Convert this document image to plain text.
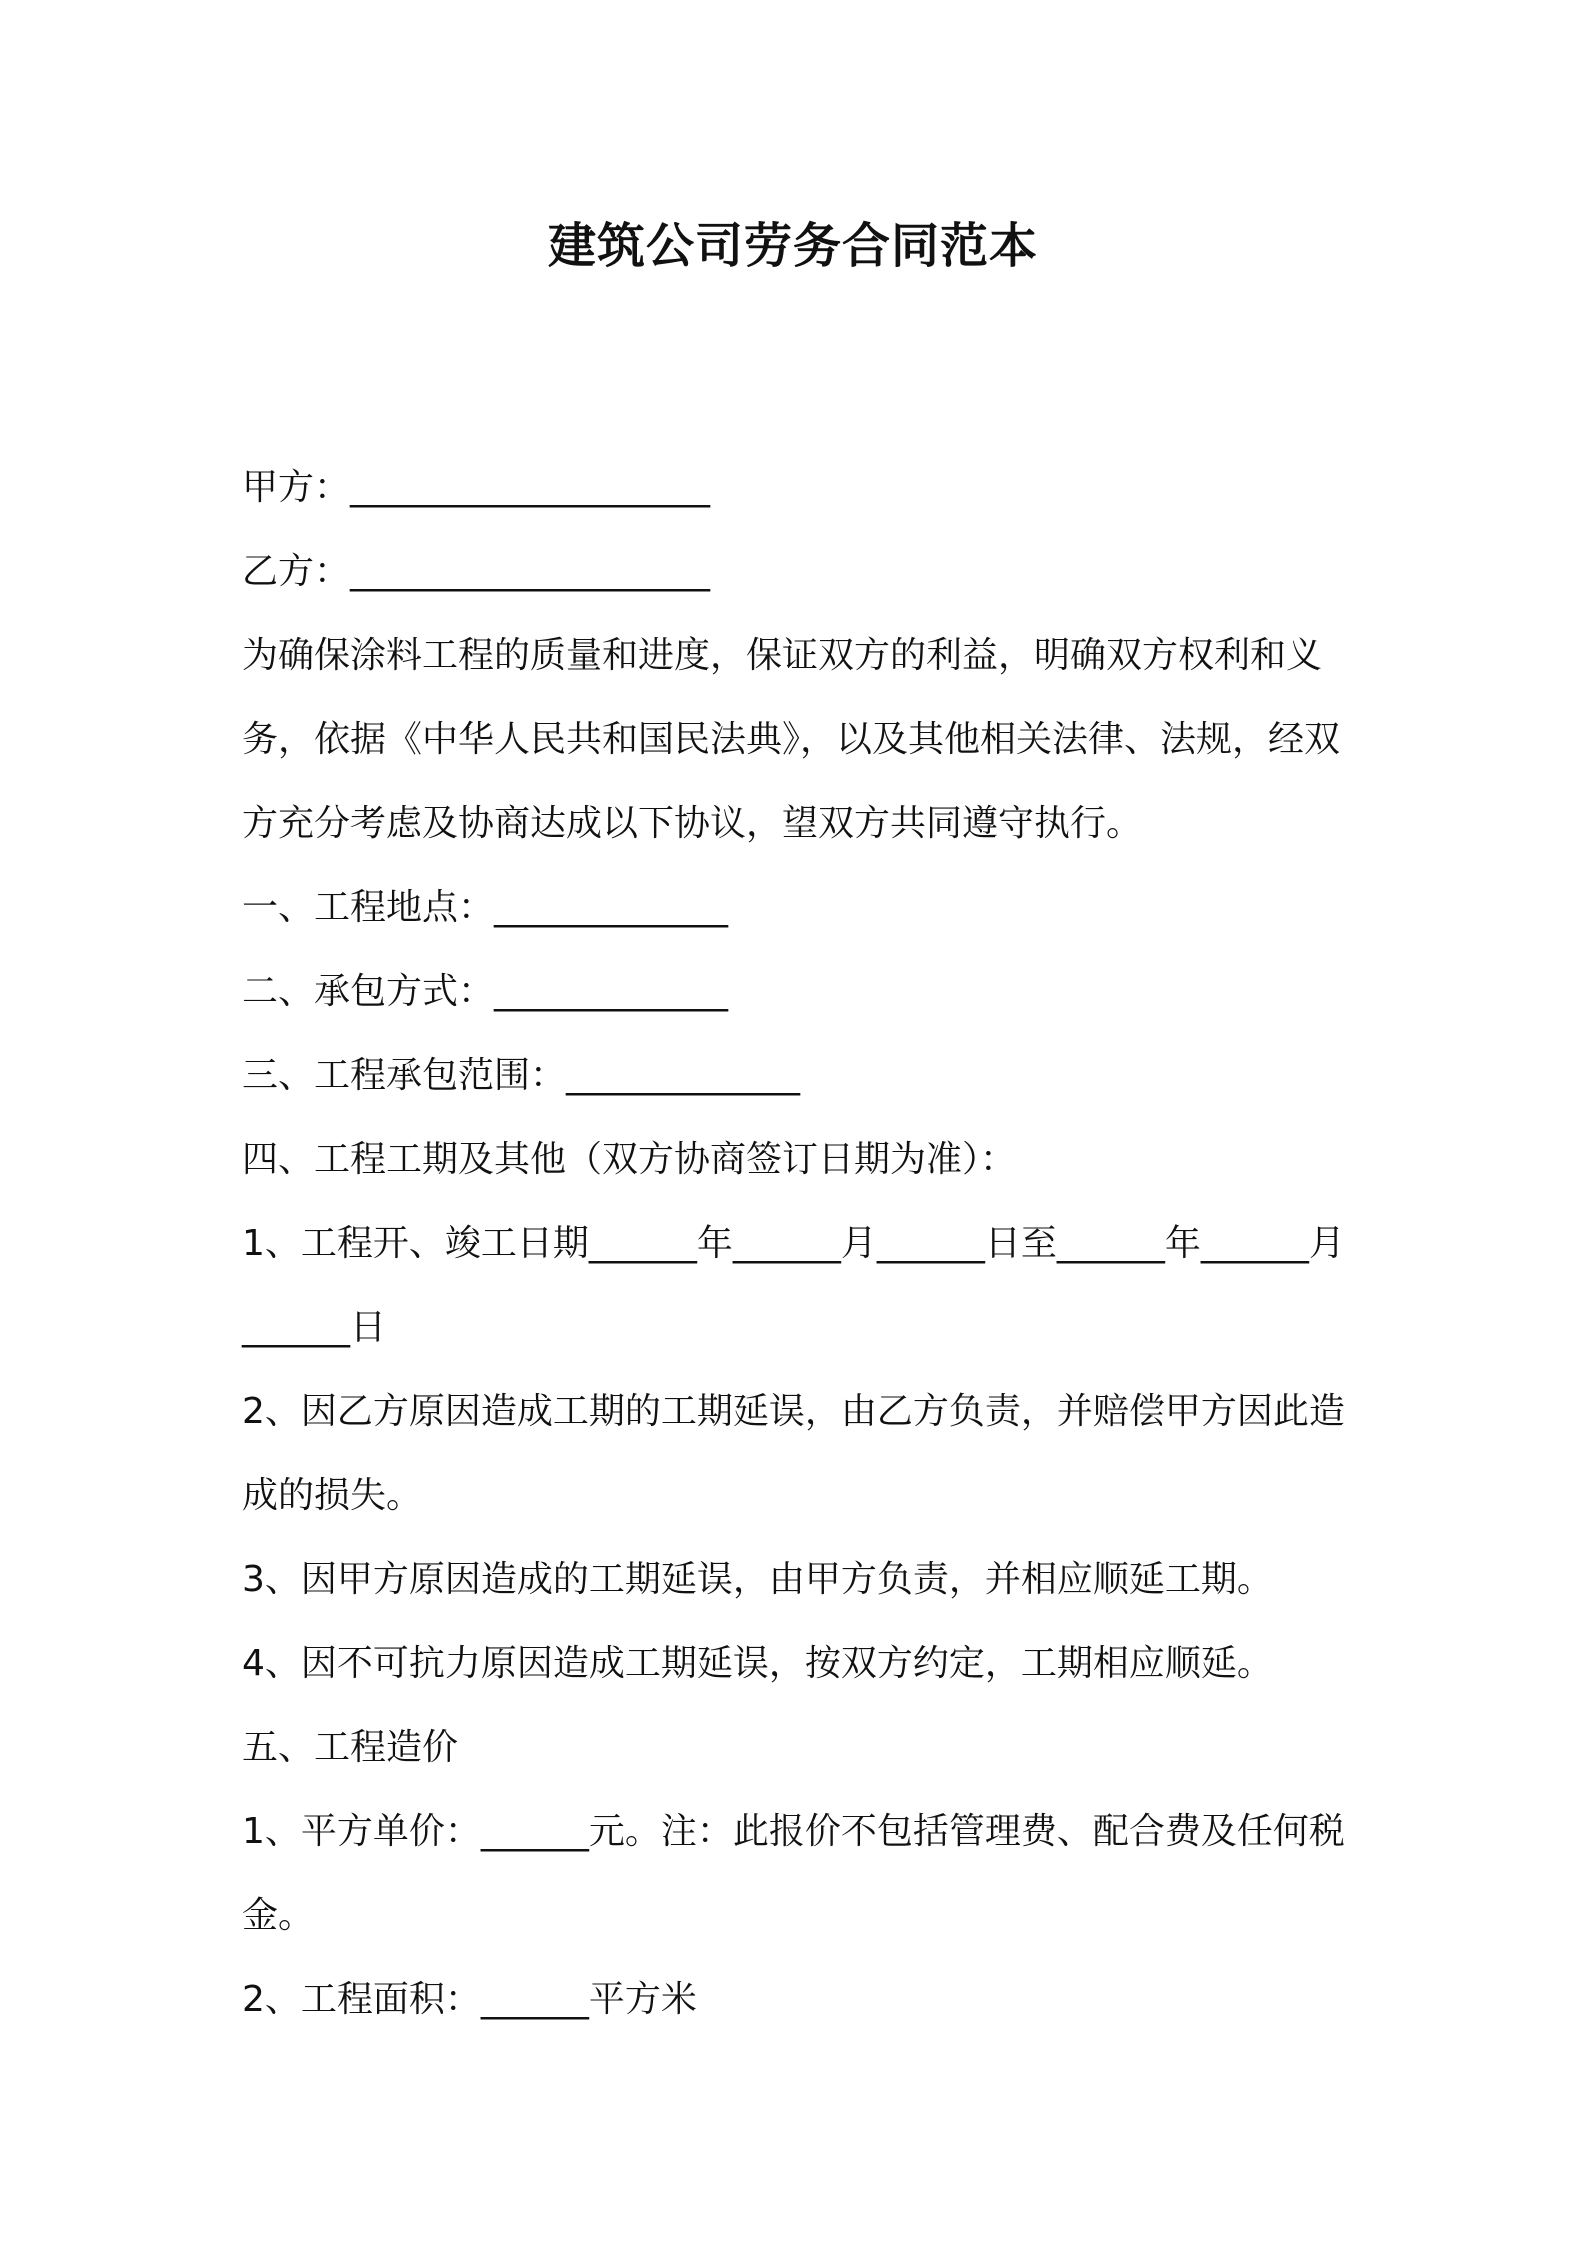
建筑公司劳务合同范本

甲方：____________________

乙方：____________________

为确保涂料工程的质量和进度，保证双方的利益，明确双方权利和义务，依据《中华人民共和国民法典》，以及其他相关法律、法规，经双方充分考虑及协商达成以下协议，望双方共同遵守执行。

一、工程地点：_____________

二、承包方式：_____________

三、工程承包范围：_____________

四、工程工期及其他（双方协商签订日期为准）：

1、工程开、竣工日期______年______月______日至______年______月______日

2、因乙方原因造成工期的工期延误，由乙方负责，并赔偿甲方因此造成的损失。

3、因甲方原因造成的工期延误，由甲方负责，并相应顺延工期。

4、因不可抗力原因造成工期延误，按双方约定，工期相应顺延。

五、工程造价

1、平方单价：______元。注：此报价不包括管理费、配合费及任何税金。

2、工程面积：______平方米
